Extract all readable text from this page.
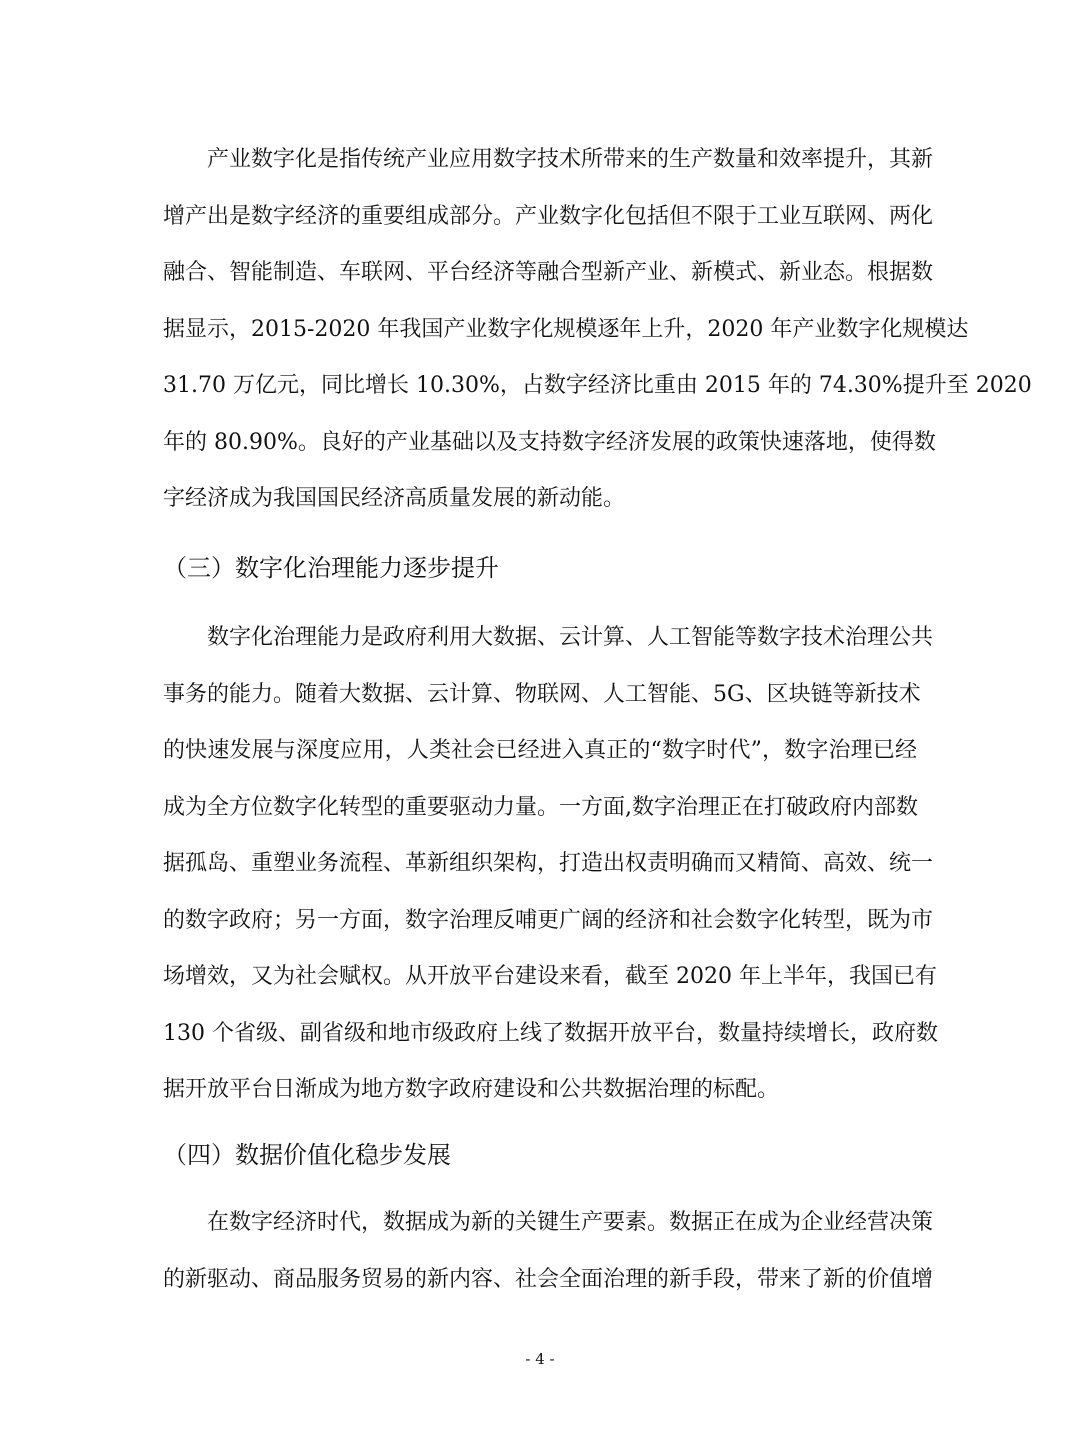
产业数字化是指传统产业应用数字技术所带来的生产数量和效率提升，其新
增产出是数字经济的重要组成部分。产业数字化包括但不限于工业互联网、两化
融合、智能制造、车联网、平台经济等融合型新产业、新模式、新业态。根据数
据显示，2015-2020 年我国产业数字化规模逐年上升，2020 年产业数字化规模达
31.70 万亿元，同比增长 10.30%，占数字经济比重由 2015 年的 74.30%提升至 2020
年的 80.90%。良好的产业基础以及支持数字经济发展的政策快速落地，使得数
字经济成为我国国民经济高质量发展的新动能。
（三）数字化治理能力逐步提升
数字化治理能力是政府利用大数据、云计算、人工智能等数字技术治理公共
事务的能力。随着大数据、云计算、物联网、人工智能、5G、区块链等新技术
的快速发展与深度应用，人类社会已经进入真正的“数字时代”，数字治理已经
成为全方位数字化转型的重要驱动力量。一方面,数字治理正在打破政府内部数
据孤岛、重塑业务流程、革新组织架构，打造出权责明确而又精简、高效、统一
的数字政府；另一方面，数字治理反哺更广阔的经济和社会数字化转型，既为市
场增效，又为社会赋权。从开放平台建设来看，截至 2020 年上半年，我国已有
130 个省级、副省级和地市级政府上线了数据开放平台，数量持续增长，政府数
据开放平台日渐成为地方数字政府建设和公共数据治理的标配。
（四）数据价值化稳步发展
在数字经济时代，数据成为新的关键生产要素。数据正在成为企业经营决策
的新驱动、商品服务贸易的新内容、社会全面治理的新手段，带来了新的价值增
- 4 -
